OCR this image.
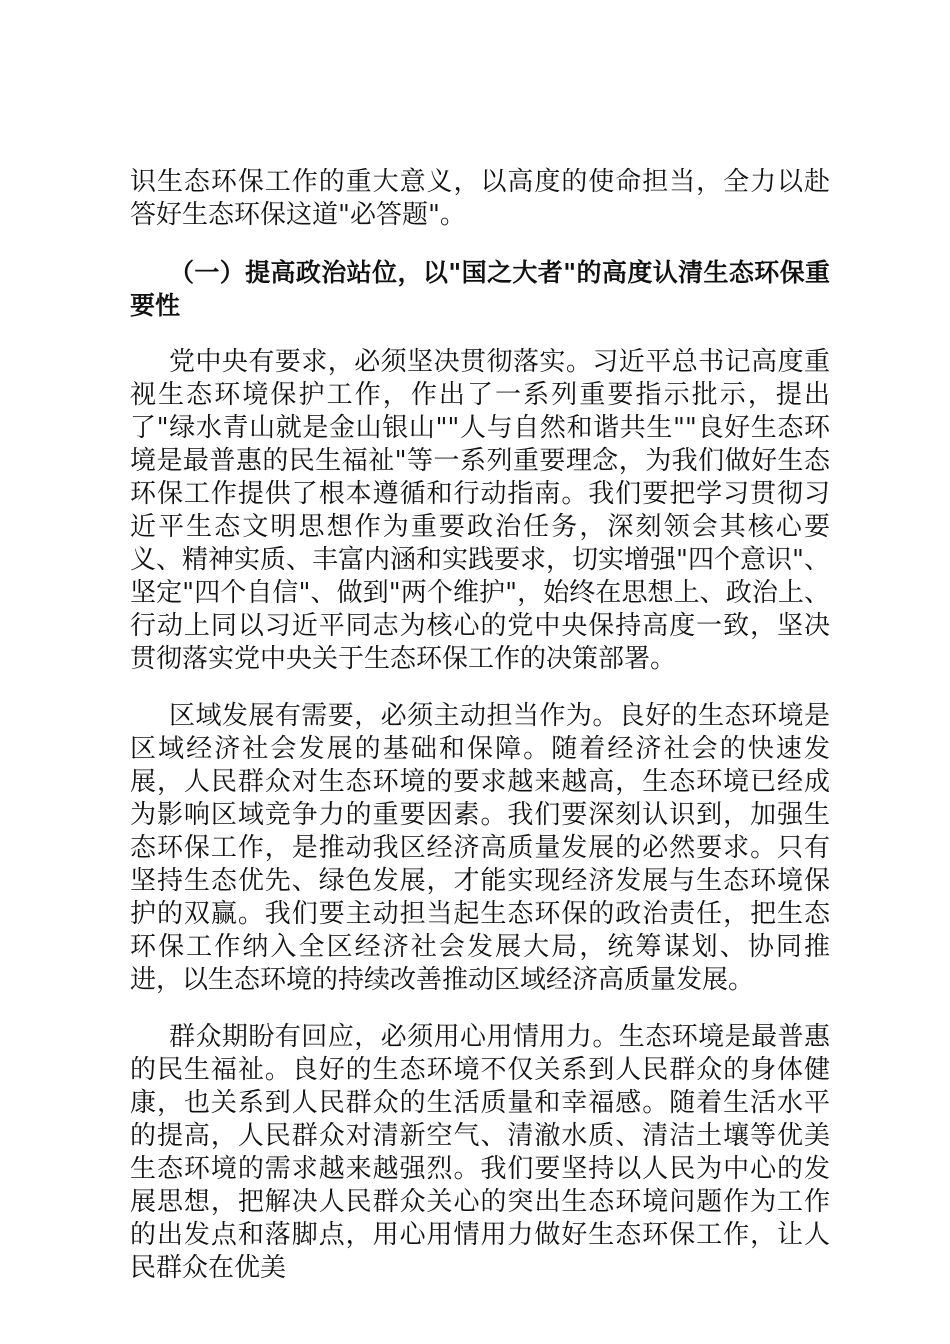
识生态环保工作的重大意义，以高度的使命担当，全力以赴答好生态环保这道"必答题"。

（一）提高政治站位，以"国之大者"的高度认清生态环保重要性

党中央有要求，必须坚决贯彻落实。习近平总书记高度重视生态环境保护工作，作出了一系列重要指示批示，提出了"绿水青山就是金山银山""人与自然和谐共生""良好生态环境是最普惠的民生福祉"等一系列重要理念，为我们做好生态环保工作提供了根本遵循和行动指南。我们要把学习贯彻习近平生态文明思想作为重要政治任务，深刻领会其核心要义、精神实质、丰富内涵和实践要求，切实增强"四个意识"、坚定"四个自信"、做到"两个维护"，始终在思想上、政治上、行动上同以习近平同志为核心的党中央保持高度一致，坚决贯彻落实党中央关于生态环保工作的决策部署。

区域发展有需要，必须主动担当作为。良好的生态环境是区域经济社会发展的基础和保障。随着经济社会的快速发展，人民群众对生态环境的要求越来越高，生态环境已经成为影响区域竞争力的重要因素。我们要深刻认识到，加强生态环保工作，是推动我区经济高质量发展的必然要求。只有坚持生态优先、绿色发展，才能实现经济发展与生态环境保护的双赢。我们要主动担当起生态环保的政治责任，把生态环保工作纳入全区经济社会发展大局，统筹谋划、协同推进，以生态环境的持续改善推动区域经济高质量发展。

群众期盼有回应，必须用心用情用力。生态环境是最普惠的民生福祉。良好的生态环境不仅关系到人民群众的身体健康，也关系到人民群众的生活质量和幸福感。随着生活水平的提高，人民群众对清新空气、清澈水质、清洁土壤等优美生态环境的需求越来越强烈。我们要坚持以人民为中心的发展思想，把解决人民群众关心的突出生态环境问题作为工作的出发点和落脚点，用心用情用力做好生态环保工作，让人民群众在优美
